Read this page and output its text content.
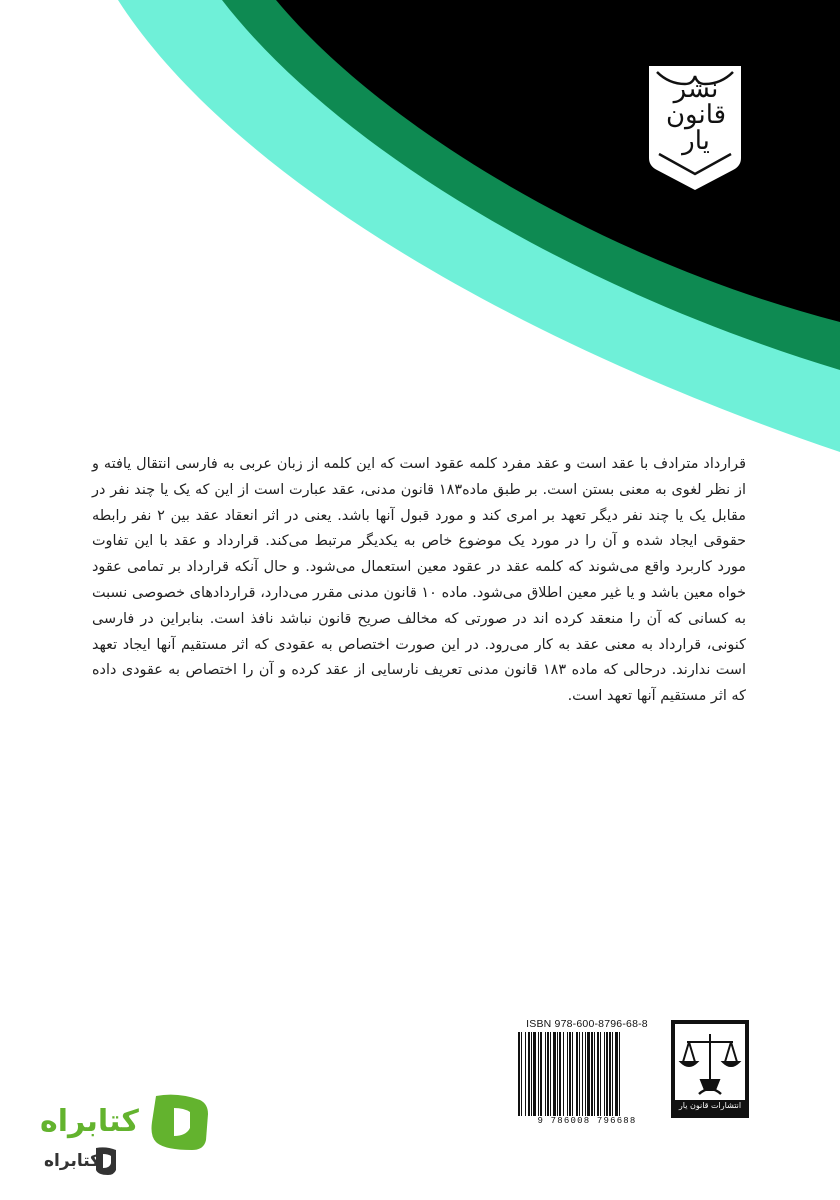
نشر قانون یار

قرارداد مترادف با عقد است و عقد مفرد کلمه عقود است که این کلمه از زبان عربی به فارسی انتقال یافته و از نظر لغوی به معنی بستن است. بر طبق ماده۱۸۳ قانون مدنی، عقد عبارت است از این که یک یا چند نفر در مقابل یک یا چند نفر دیگر تعهد بر امری کند و مورد قبول آنها باشد. یعنی در اثر انعقاد عقد بین ۲ نفر رابطه حقوقی ایجاد شده و آن را در مورد یک موضوع خاص به یکدیگر مرتبط می‌کند. قرارداد و عقد با این تفاوت مورد کاربرد واقع می‌شوند که کلمه عقد در عقود معین استعمال می‌شود. و حال آنکه قرارداد بر تمامی عقود خواه معین باشد و یا غیر معین اطلاق می‌شود. ماده ۱۰ قانون مدنی مقرر می‌دارد، قراردادهای خصوصی نسبت به کسانی که آن را منعقد کرده اند در صورتی که مخالف صریح قانون نباشد نافذ است. بنابراین در فارسی کنونی، قرارداد به معنی عقد به کار می‌رود. در این صورت اختصاص به عقودی که اثر مستقیم آنها ایجاد تعهد است ندارند. درحالی که ماده ۱۸۳ قانون مدنی تعریف نارسایی از عقد کرده و آن را اختصاص به عقودی داده که اثر مستقیم آنها تعهد است.

ISBN 978-600-8796-68-8
9 786008 796688
انتشارات قانون یار
کتابراه
کتابراه
